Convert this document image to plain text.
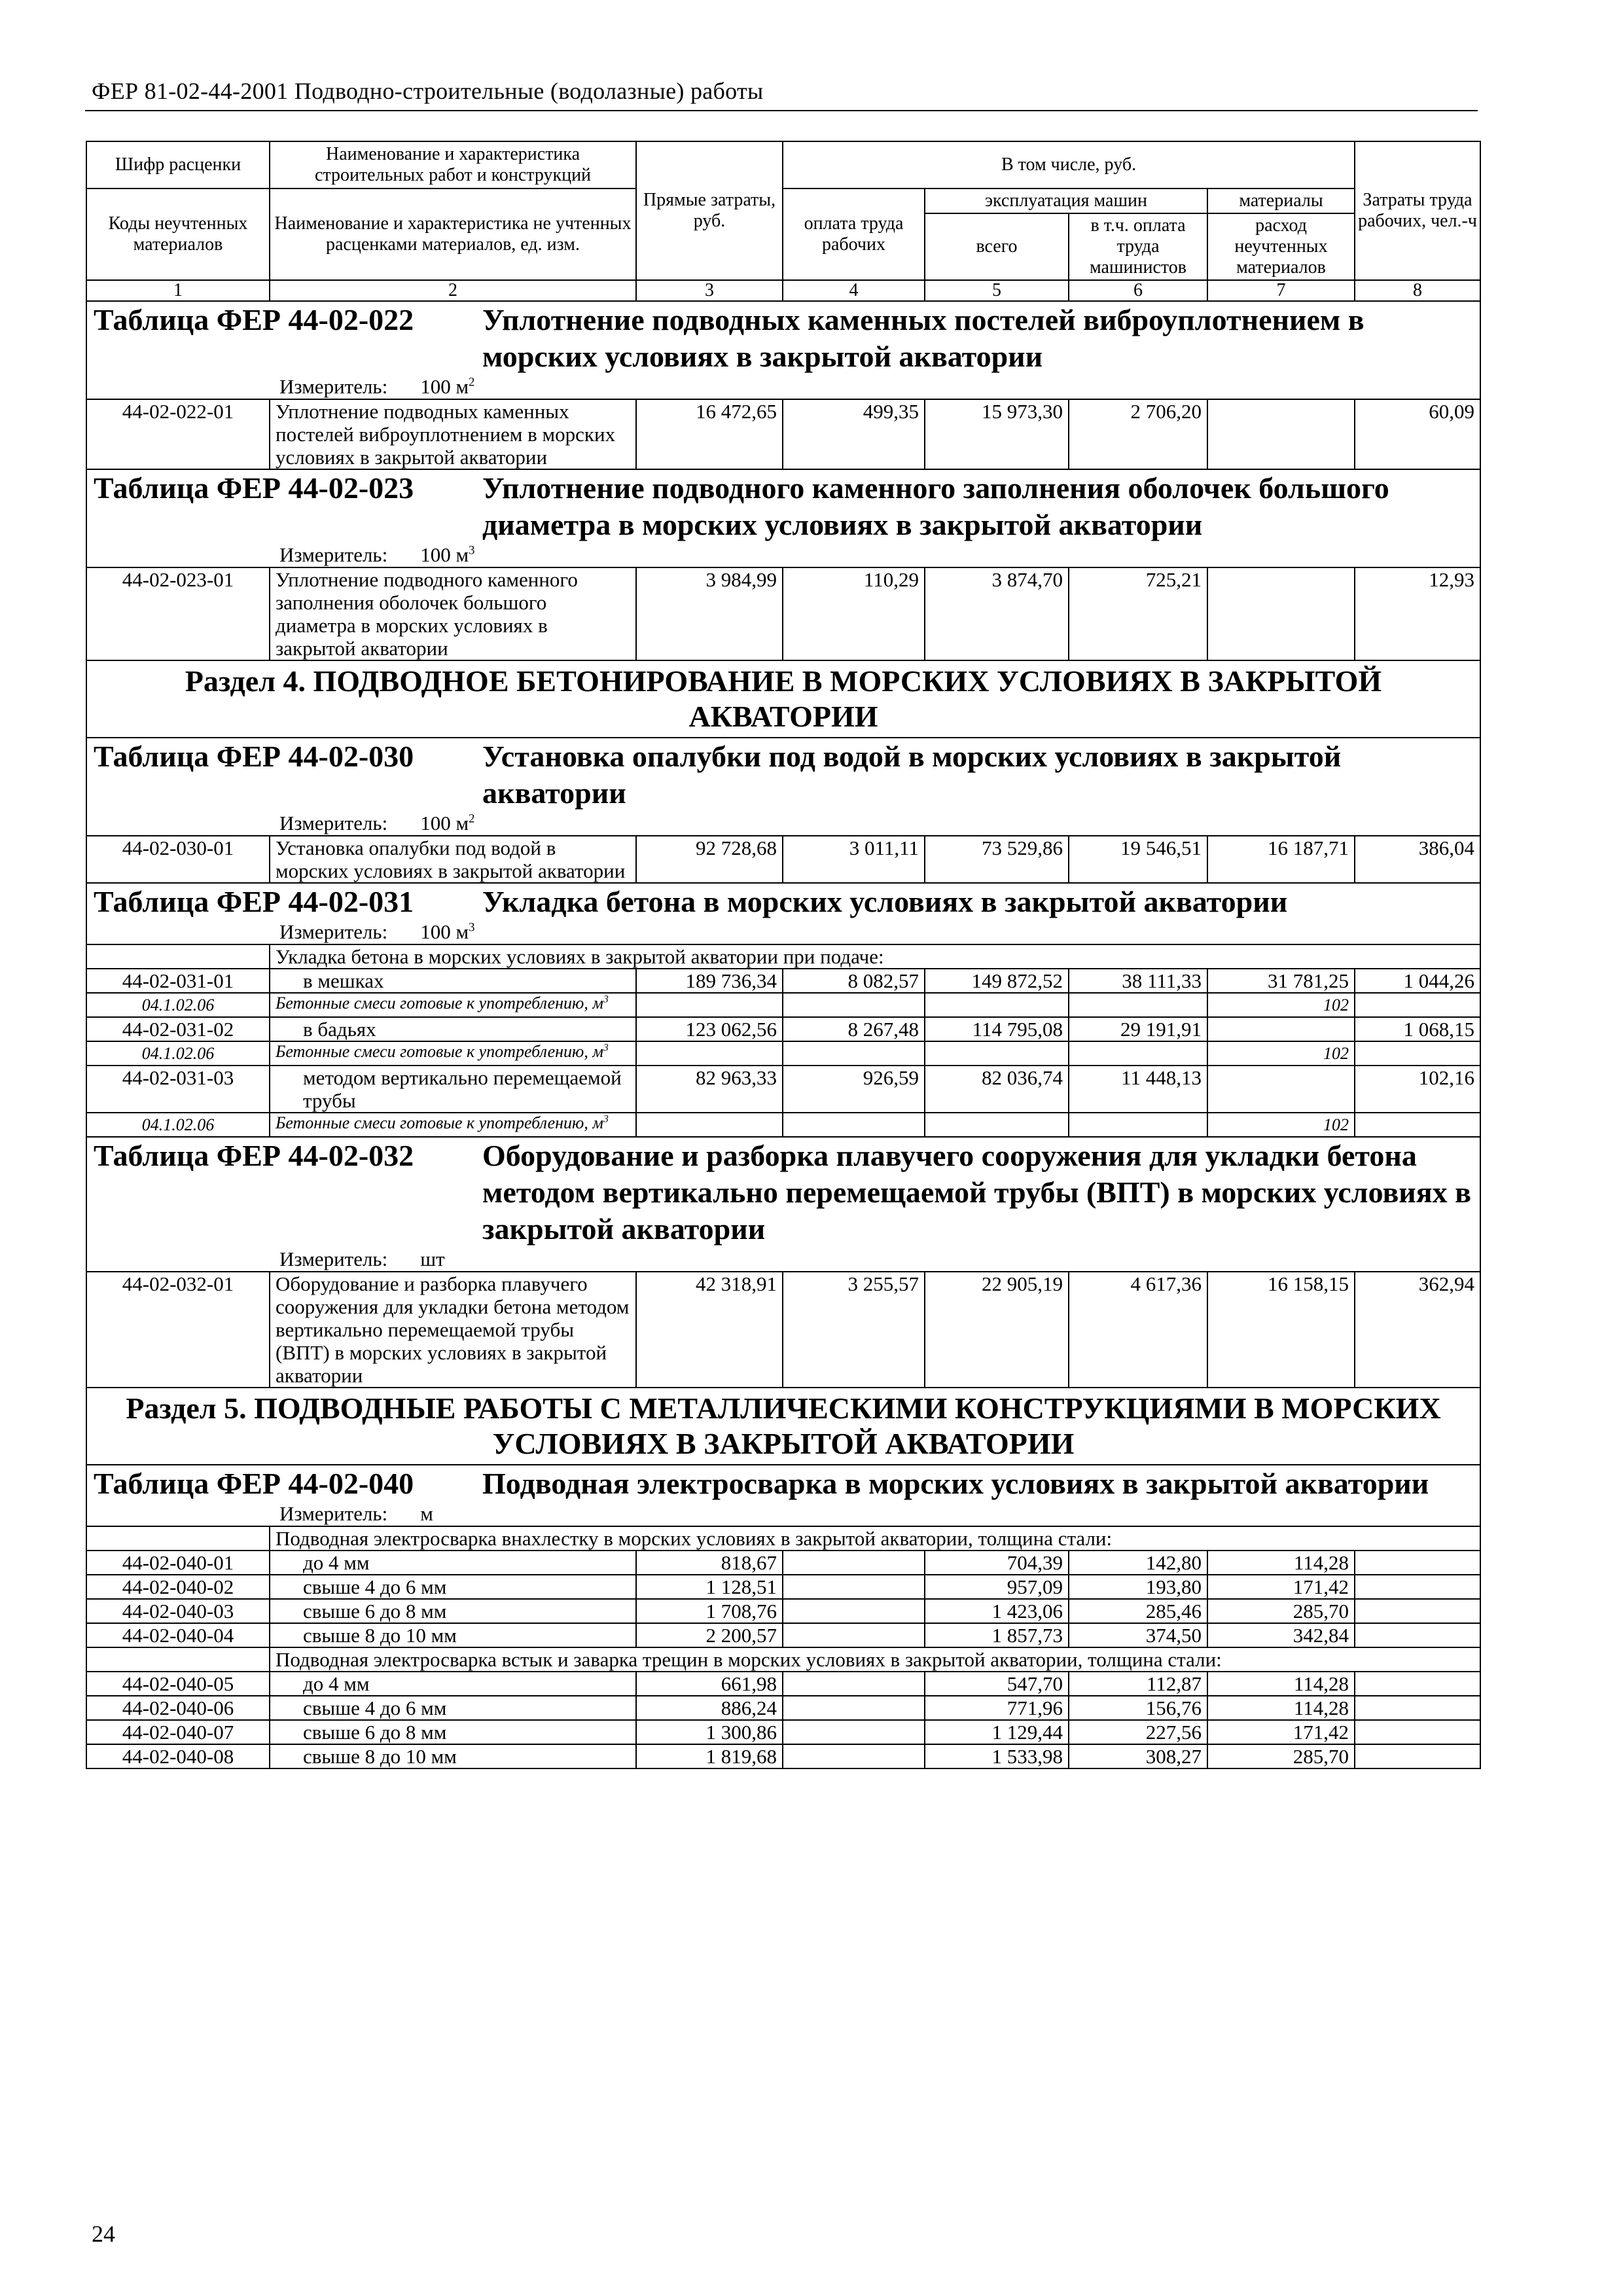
ФЕР 81-02-44-2001 Подводно-строительные (водолазные) работы
Шифр расценки	Наименование и характеристика строительных работ и конструкций	Прямые затраты, руб.	В том числе, руб.				Затраты труда рабочих, чел.-ч
Коды неучтенных материалов	Наименование и характеристика не учтенных расценками материалов, ед. изм.		оплата труда рабочих	эксплуатация машин		материалы	
				всего	в т.ч. оплата труда машинистов	расход неучтенных материалов	
1	2	3	4	5	6	7	8

Таблица ФЕР 44-02-022 Уплотнение подводных каменных постелей виброуплотнением в морских условиях в закрытой акватории
Измеритель: 100 $м^2$

44-02-022-01	Уплотнение подводных каменных постелей виброуплотнением в морских условиях в закрытой акватории	16 472,65	499,35	15 973,30	2 706,20		60,09

Таблица ФЕР 44-02-023 Уплотнение подводного каменного заполнения оболочек большого диаметра в морских условиях в закрытой акватории
Измеритель: 100 $м^3$

44-02-023-01	Уплотнение подводного каменного заполнения оболочек большого диаметра в морских условиях в закрытой акватории	3 984,99	110,29	3 874,70	725,21		12,93
Раздел 4. ПОДВОДНОЕ БЕТОНИРОВАНИЕ В МОРСКИХ УСЛОВИЯХ В ЗАКРЫТОЙ АКВАТОРИИ							

Таблица ФЕР 44-02-030 Установка опалубки под водой в морских условиях в закрытой акватории
Измеритель: 100 $м^2$

44-02-030-01	Установка опалубки под водой в морских условиях в закрытой акватории	92 728,68	3 011,11	73 529,86	19 546,51	16 187,71	386,04

Таблица ФЕР 44-02-031 Укладка бетона в морских условиях в закрытой акватории
Измеритель: 100 $м^3$

	Укладка бетона в морских условиях в закрытой акватории при подаче:						
44-02-031-01	в мешках	189 736,34	8 082,57	149 872,52	38 111,33	31 781,25	1 044,26
04.1.02.06	Бетонные смеси готовые к употреблению, $м^3$					102	
44-02-031-02	в бадьях	123 062,56	8 267,48	114 795,08	29 191,91		1 068,15
04.1.02.06	Бетонные смеси готовые к употреблению, $м^3$					102	
44-02-031-03	методом вертикально перемещаемой трубы	82 963,33	926,59	82 036,74	11 448,13		102,16
04.1.02.06	Бетонные смеси готовые к употреблению, $м^3$					102	

Таблица ФЕР 44-02-032 Оборудование и разборка плавучего сооружения для укладки бетона методом вертикально перемещаемой трубы (ВПТ) в морских условиях в закрытой акватории
Измеритель: шт							

44-02-032-01	Оборудование и разборка плавучего сооружения для укладки бетона методом вертикально перемещаемой трубы (ВПТ) в морских условиях в закрытой акватории	42 318,91	3 255,57	22 905,19	4 617,36	16 158,15	362,94
Раздел 5. ПОДВОДНЫЕ РАБОТЫ С МЕТАЛЛИЧЕСКИМИ КОНСТРУКЦИЯМИ В МОРСКИХ УСЛОВИЯХ В ЗАКРЫТОЙ АКВАТОРИИ							

Таблица ФЕР 44-02-040 Подводная электросварка в морских условиях в закрытой акватории
Измеритель: м							

	Подводная электросварка внахлестку в морских условиях в закрытой акватории, толщина стали:						
44-02-040-01	до 4 мм	818,67		704,39	142,80	114,28	
44-02-040-02	свыше 4 до 6 мм	1 128,51		957,09	193,80	171,42	
44-02-040-03	свыше 6 до 8 мм	1 708,76		1 423,06	285,46	285,70	
44-02-040-04	свыше 8 до 10 мм	2 200,57		1 857,73	374,50	342,84	
	Подводная электросварка встык и заварка трещин в морских условиях в закрытой акватории, толщина стали:						
44-02-040-05	до 4 мм	661,98		547,70	112,87	114,28	
44-02-040-06	свыше 4 до 6 мм	886,24		771,96	156,76	114,28	
44-02-040-07	свыше 6 до 8 мм	1 300,86		1 129,44	227,56	171,42	
44-02-040-08	свыше 8 до 10 мм	1 819,68		1 533,98	308,27	285,70	
24
